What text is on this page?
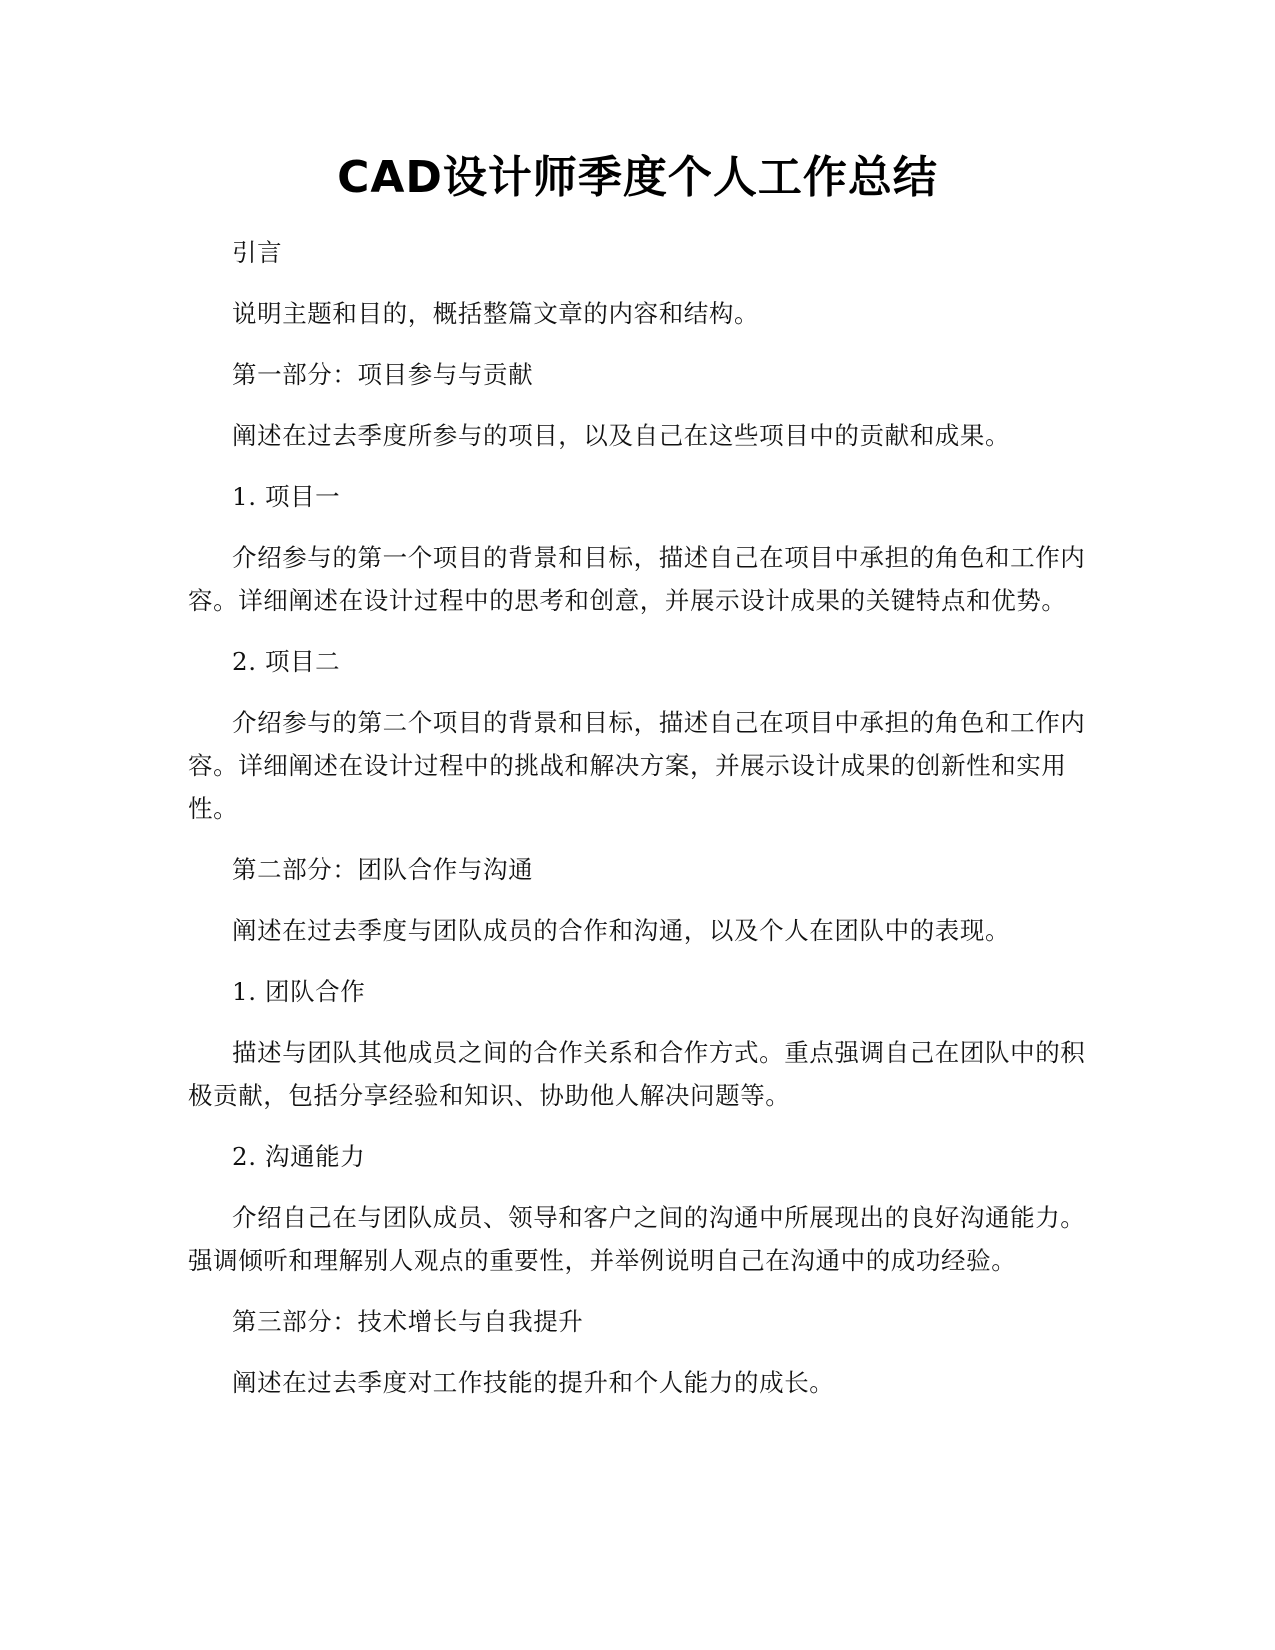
CAD设计师季度个人工作总结

引言

说明主题和目的，概括整篇文章的内容和结构。

第一部分：项目参与与贡献

阐述在过去季度所参与的项目，以及自己在这些项目中的贡献和成果。

1. 项目一

介绍参与的第一个项目的背景和目标，描述自己在项目中承担的角色和工作内容。详细阐述在设计过程中的思考和创意，并展示设计成果的关键特点和优势。

2. 项目二

介绍参与的第二个项目的背景和目标，描述自己在项目中承担的角色和工作内容。详细阐述在设计过程中的挑战和解决方案，并展示设计成果的创新性和实用性。

第二部分：团队合作与沟通

阐述在过去季度与团队成员的合作和沟通，以及个人在团队中的表现。

1. 团队合作

描述与团队其他成员之间的合作关系和合作方式。重点强调自己在团队中的积极贡献，包括分享经验和知识、协助他人解决问题等。

2. 沟通能力

介绍自己在与团队成员、领导和客户之间的沟通中所展现出的良好沟通能力。强调倾听和理解别人观点的重要性，并举例说明自己在沟通中的成功经验。

第三部分：技术增长与自我提升

阐述在过去季度对工作技能的提升和个人能力的成长。
